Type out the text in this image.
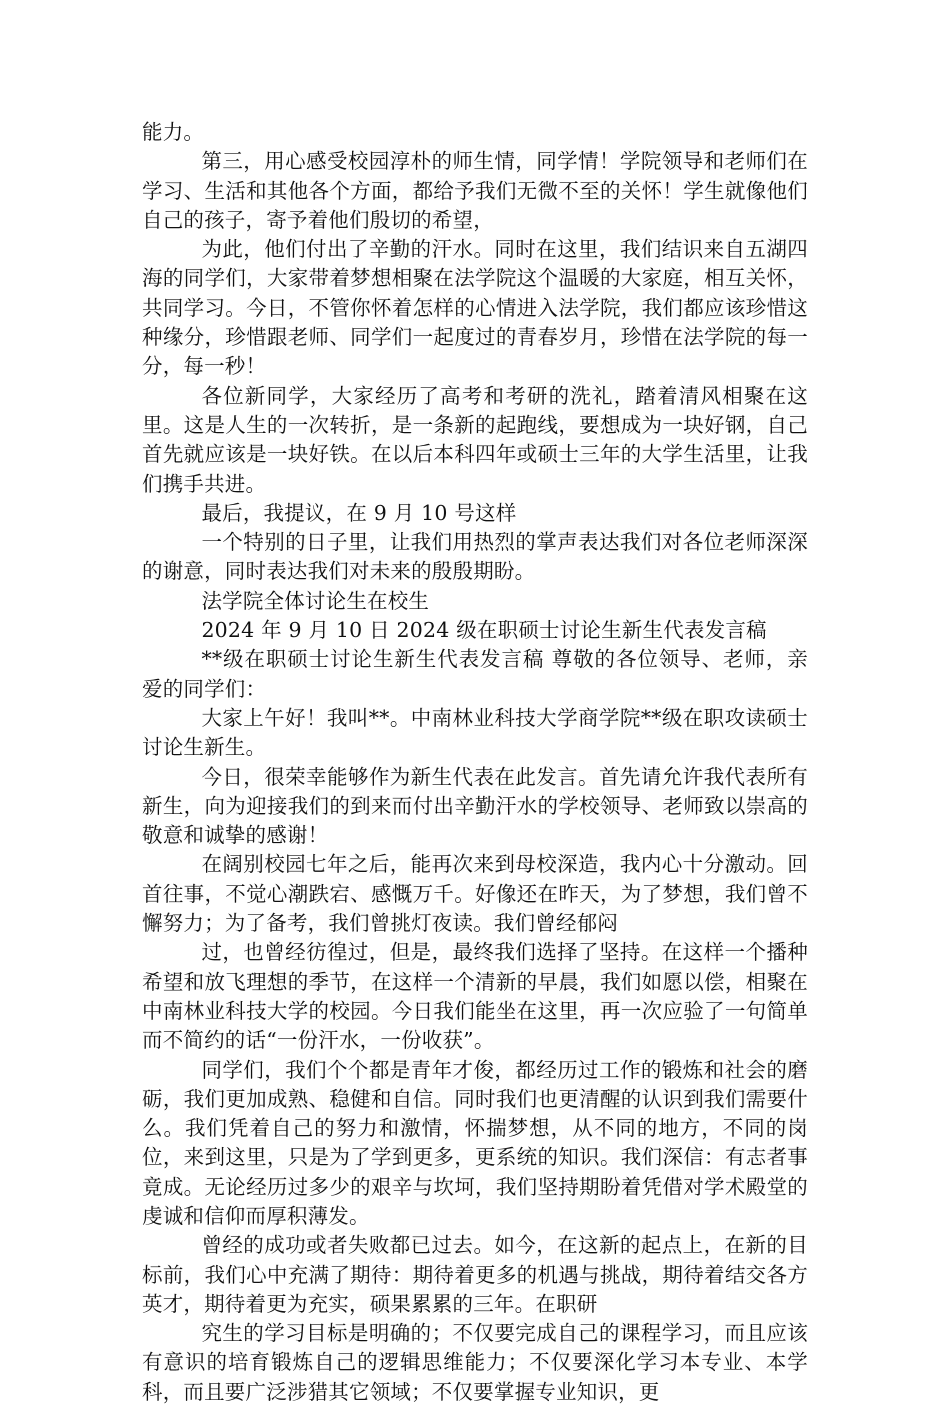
能力。

第三，用心感受校园淳朴的师生情，同学情！学院领导和老师们在学习、生活和其他各个方面，都给予我们无微不至的关怀！学生就像他们自己的孩子，寄予着他们殷切的希望，

为此，他们付出了辛勤的汗水。同时在这里，我们结识来自五湖四海的同学们，大家带着梦想相聚在法学院这个温暖的大家庭，相互关怀，共同学习。今日，不管你怀着怎样的心情进入法学院，我们都应该珍惜这种缘分，珍惜跟老师、同学们一起度过的青春岁月，珍惜在法学院的每一分，每一秒！

各位新同学，大家经历了高考和考研的洗礼，踏着清风相聚在这里。这是人生的一次转折，是一条新的起跑线，要想成为一块好钢，自己首先就应该是一块好铁。在以后本科四年或硕士三年的大学生活里，让我们携手共进。

最后，我提议，在 9 月 10 号这样

一个特别的日子里，让我们用热烈的掌声表达我们对各位老师深深的谢意，同时表达我们对未来的殷殷期盼。

法学院全体讨论生在校生

2024 年 9 月 10 日 2024 级在职硕士讨论生新生代表发言稿

**级在职硕士讨论生新生代表发言稿 尊敬的各位领导、老师，亲爱的同学们：

大家上午好！我叫**。中南林业科技大学商学院**级在职攻读硕士讨论生新生。

今日，很荣幸能够作为新生代表在此发言。首先请允许我代表所有新生，向为迎接我们的到来而付出辛勤汗水的学校领导、老师致以崇高的敬意和诚挚的感谢！

在阔别校园七年之后，能再次来到母校深造，我内心十分激动。回首往事，不觉心潮跌宕、感慨万千。好像还在昨天，为了梦想，我们曾不懈努力；为了备考，我们曾挑灯夜读。我们曾经郁闷

过，也曾经彷徨过，但是，最终我们选择了坚持。在这样一个播种希望和放飞理想的季节，在这样一个清新的早晨，我们如愿以偿，相聚在中南林业科技大学的校园。今日我们能坐在这里，再一次应验了一句简单而不简约的话“一份汗水，一份收获”。

同学们，我们个个都是青年才俊，都经历过工作的锻炼和社会的磨砺，我们更加成熟、稳健和自信。同时我们也更清醒的认识到我们需要什么。我们凭着自己的努力和激情，怀揣梦想，从不同的地方，不同的岗位，来到这里，只是为了学到更多，更系统的知识。我们深信：有志者事竟成。无论经历过多少的艰辛与坎坷，我们坚持期盼着凭借对学术殿堂的虔诚和信仰而厚积薄发。

曾经的成功或者失败都已过去。如今，在这新的起点上，在新的目标前，我们心中充满了期待：期待着更多的机遇与挑战，期待着结交各方英才，期待着更为充实，硕果累累的三年。在职研

究生的学习目标是明确的；不仅要完成自己的课程学习，而且应该有意识的培育锻炼自己的逻辑思维能力；不仅要深化学习本专业、本学科，而且要广泛涉猎其它领域；不仅要掌握专业知识，更
